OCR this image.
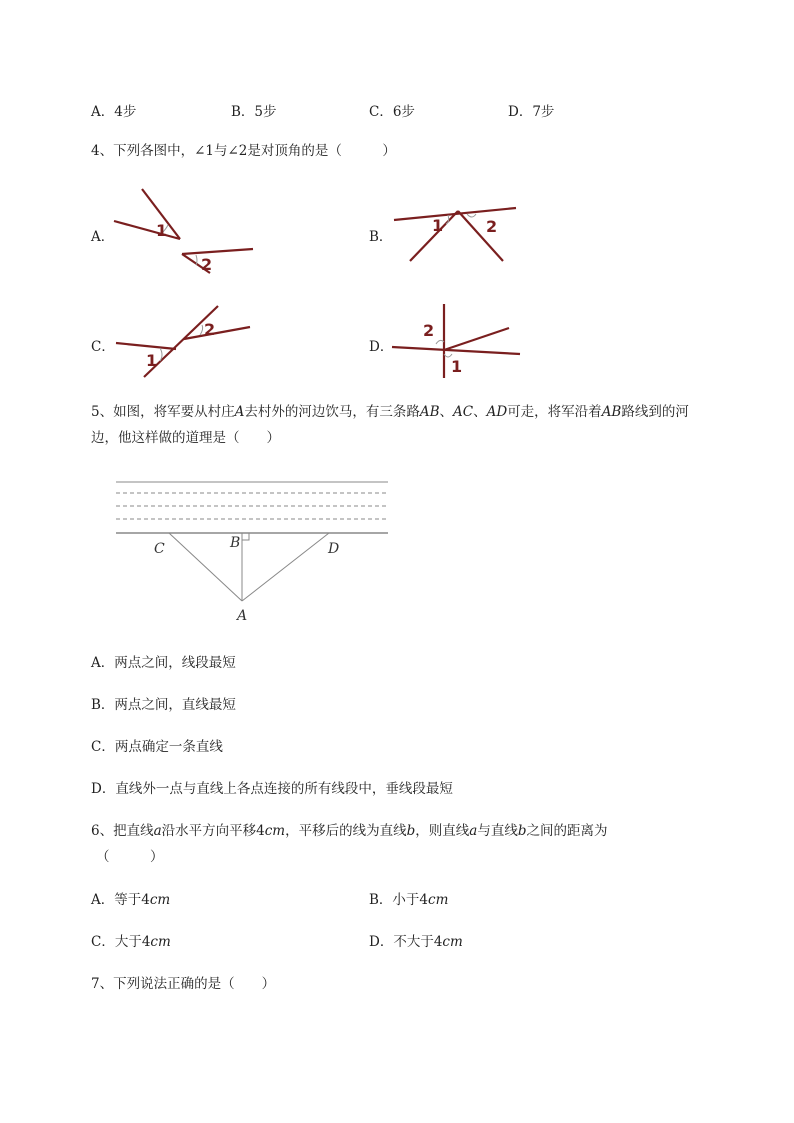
A．4步	B．5步	C．6步	D．7步
4、下列各图中，∠1与∠2是对顶角的是（　　　）
A．	B．
C．	D．
1
2
1	2
1
2	2
1
5、如图，将军要从村庄A去村外的河边饮马，有三条路AB、AC、AD可走，将军沿着AB路线到的河
边，他这样做的道理是（　　）
C	B	D
A
A．两点之间，线段最短
B．两点之间，直线最短
C．两点确定一条直线
D．直线外一点与直线上各点连接的所有线段中，垂线段最短
6、把直线a沿水平方向平移4cm，平移后的线为直线b，则直线a与直线b之间的距离为
（　　　）
A．等于4cm	B．小于4cm
C．大于4cm	D．不大于4cm
7、下列说法正确的是（　　）
